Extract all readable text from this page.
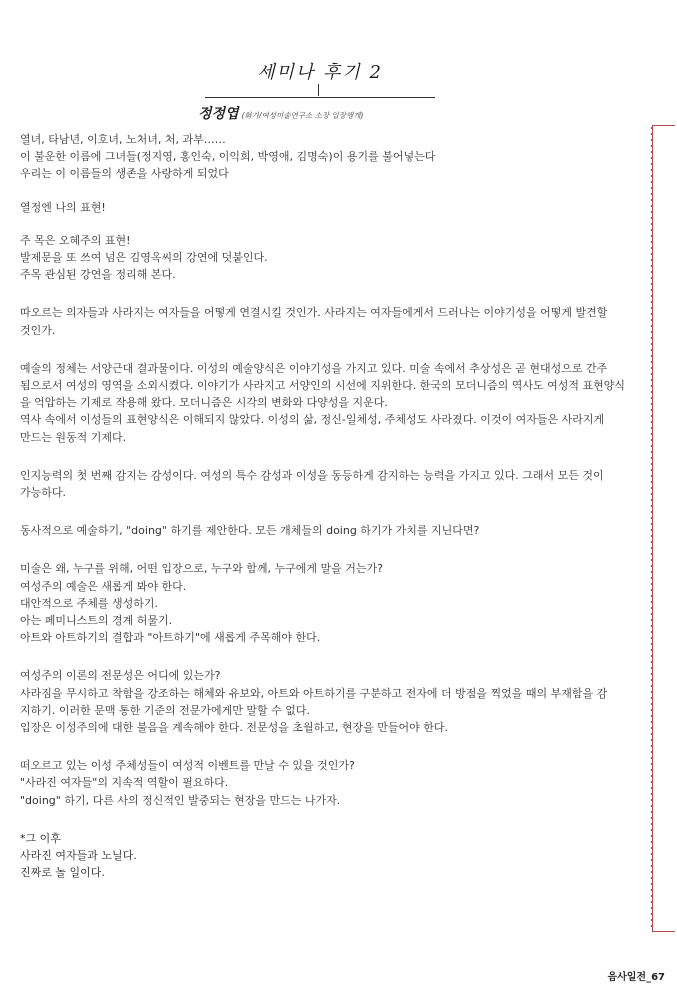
세미나 후기 2
정정엽 (화가/여성미술연구소 소장 입장행개)

열녀, 타남년, 이호녀, 노처녀, 처, 과부……

이 불운한 이름에 그녀들(정지영, 홍인숙, 이익희, 박영애, 김명숙)이 용기를 불어넣는다

우리는 이 이름들의 생존을 사랑하게 되었다

열정엔 나의 표현!

주 목은 오혜주의 표현!

발제문을 또 쓰여 넘은 김영옥씨의 강연에 덧붙인다.

주목 관심된 강연을 정리해 본다.

따오르는 의자들과 사라지는 여자들을 어떻게 연결시킬 것인가. 사라지는 여자들에게서 드러나는 이야기성을 어떻게 발견할

것인가.

예술의 정체는 서양근대 결과물이다. 이성의 예술양식은 이야기성을 가지고 있다. 미술 속에서 추상성은 곧 현대성으로 간주

됨으로서 여성의 영역을 소외시켰다. 이야기가 사라지고 서양인의 시선에 지위한다. 한국의 모더니즘의 역사도 여성적 표현양식

을 억압하는 기제로 작용해 왔다. 모더니즘은 시각의 변화와 다양성을 지운다.

역사 속에서 이성들의 표현양식은 이해되지 않았다. 이성의 삶, 정신-일체성, 주체성도 사라졌다. 이것이 여자들은 사라지게

만드는 원동적 기제다.

인지능력의 첫 번째 감지는 감성이다. 여성의 특수 감성과 이성을 동등하게 감지하는 능력을 가지고 있다. 그래서 모든 것이

가능하다.

동사적으로 예술하기, "doing" 하기를 제안한다. 모든 개체들의 doing 하기가 가치를 지닌다면?

미술은 왜, 누구를 위해, 어떤 입장으로, 누구와 함께, 누구에게 말을 거는가?

여성주의 예술은 새롭게 봐야 한다.

대안적으로 주체를 생성하기.

아는 페미니스트의 경계 허물기.

아트와 아트하기의 결합과 "아트하기"에 새롭게 주목해야 한다.

여성주의 이론의 전문성은 어디에 있는가?

사라짐을 무시하고 착함을 강조하는 해체와 유보와, 아트와 아트하기를 구분하고 전자에 더 방점을 찍었을 때의 부재함을 감

지하기. 이러한 문맥 통한 기준의 전문가에게만 말할 수 없다.

입장은 이성주의에 대한 불음을 계속해야 한다. 전문성을 초월하고, 현장을 만들어야 한다.

떠오르고 있는 이성 주체성들이 여성적 이벤트를 만날 수 있을 것인가?

"사라진 여자들"의 지속적 역할이 필요하다.

"doing" 하기, 다른 사의 정신적인 발중되는 현장을 만드는 나가자.

*그 이후

사라진 여자들과 노닐다.

진짜로 놀 일이다.

음사일전_67
